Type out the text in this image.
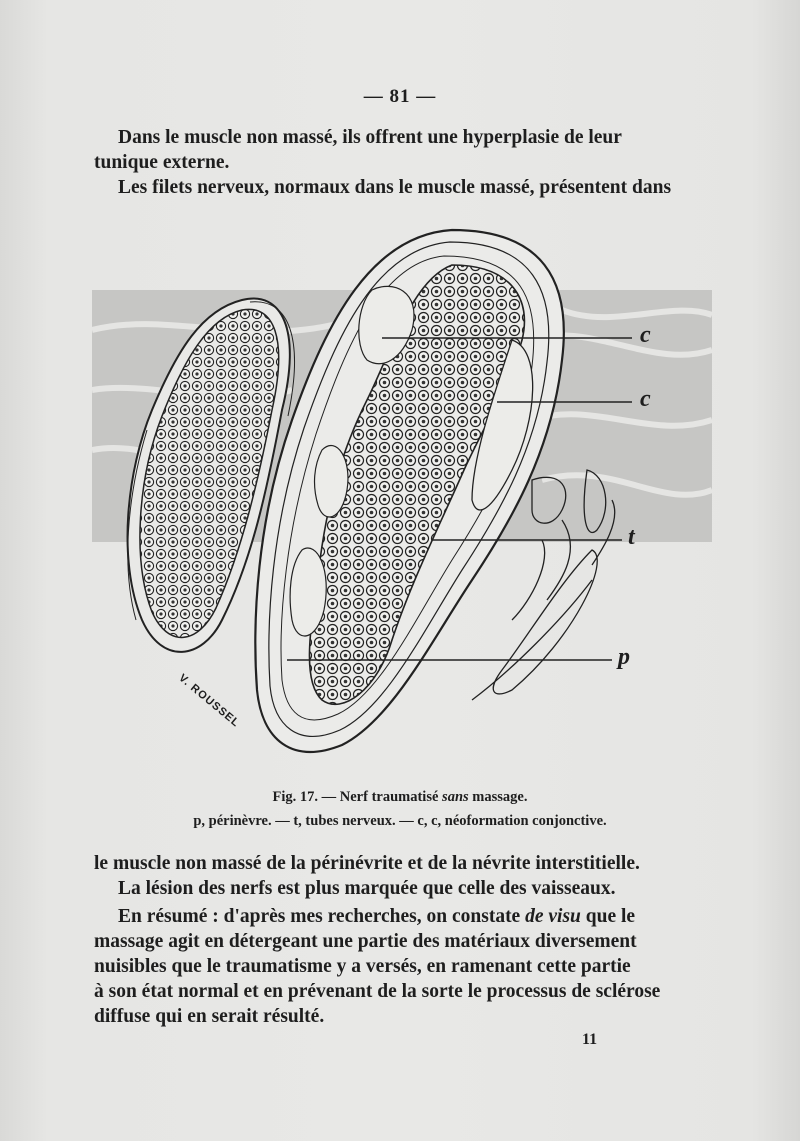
— 81 —
Dans le muscle non massé, ils offrent une hyperplasie de leur
tunique externe.
Les filets nerveux, normaux dans le muscle massé, présentent dans
c
c
t
p
V. ROUSSEL
Fig. 17. — Nerf traumatisé sans massage.
p, périnèvre. — t, tubes nerveux. — c, c, néoformation conjonctive.
le muscle non massé de la périnévrite et de la névrite interstitielle.
La lésion des nerfs est plus marquée que celle des vaisseaux.
En résumé : d'après mes recherches, on constate de visu que le
massage agit en détergeant une partie des matériaux diversement
nuisibles que le traumatisme y a versés, en ramenant cette partie
à son état normal et en prévenant de la sorte le processus de sclérose
diffuse qui en serait résulté.
11
